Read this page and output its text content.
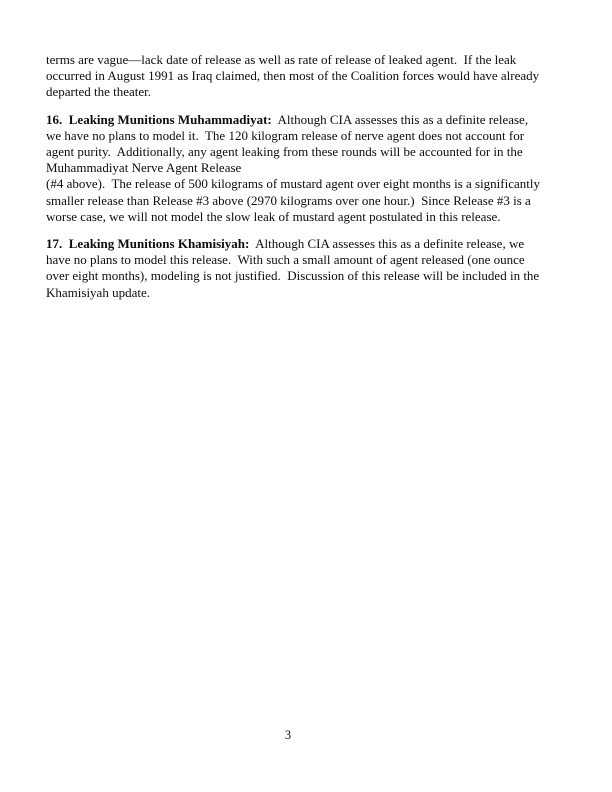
terms are vague—lack date of release as well as rate of release of leaked agent.  If the leak occurred in August 1991 as Iraq claimed, then most of the Coalition forces would have already departed the theater.

16.  Leaking Munitions Muhammadiyat:  Although CIA assesses this as a definite release, we have no plans to model it.  The 120 kilogram release of nerve agent does not account for agent purity.  Additionally, any agent leaking from these rounds will be accounted for in the Muhammadiyat Nerve Agent Release
(#4 above).  The release of 500 kilograms of mustard agent over eight months is a significantly smaller release than Release #3 above (2970 kilograms over one hour.)  Since Release #3 is a worse case, we will not model the slow leak of mustard agent postulated in this release.

17.  Leaking Munitions Khamisiyah:  Although CIA assesses this as a definite release, we have no plans to model this release.  With such a small amount of agent released (one ounce over eight months), modeling is not justified.  Discussion of this release will be included in the Khamisiyah update.

3
